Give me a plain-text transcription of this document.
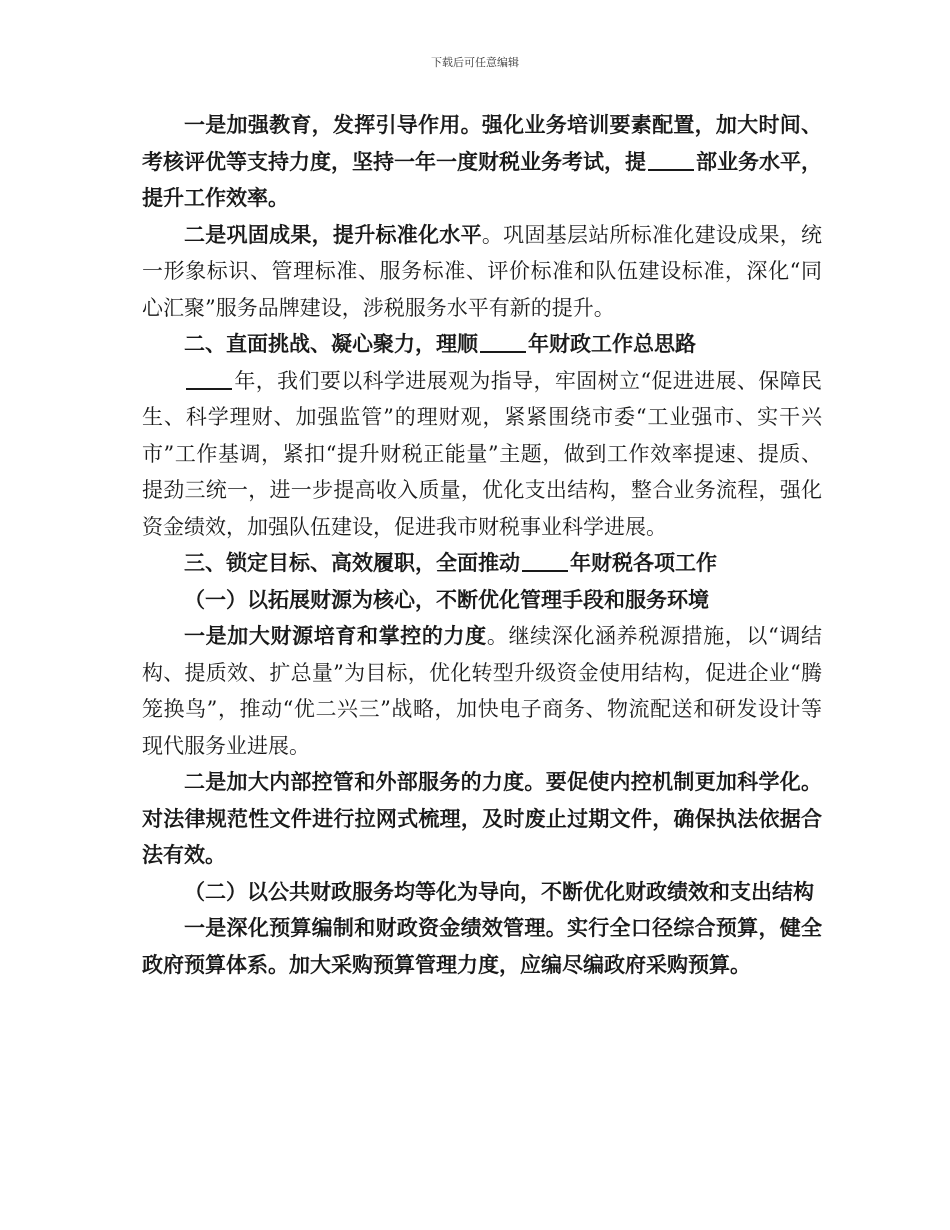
下载后可任意编辑

一是加强教育，发挥引导作用。强化业务培训要素配置，加大时间、考核评优等支持力度，坚持一年一度财税业务考试，提 部业务水平，提升工作效率。

二是巩固成果，提升标准化水平。巩固基层站所标准化建设成果，统一形象标识、管理标准、服务标准、评价标准和队伍建设标准，深化“同心汇聚”服务品牌建设，涉税服务水平有新的提升。

二、直面挑战、凝心聚力，理顺 年财政工作总思路

年，我们要以科学进展观为指导，牢固树立“促进进展、保障民生、科学理财、加强监管”的理财观，紧紧围绕市委“工业强市、实干兴市”工作基调，紧扣“提升财税正能量”主题，做到工作效率提速、提质、提劲三统一，进一步提高收入质量，优化支出结构，整合业务流程，强化资金绩效，加强队伍建设，促进我市财税事业科学进展。

三、锁定目标、高效履职，全面推动 年财税各项工作

（一）以拓展财源为核心，不断优化管理手段和服务环境

一是加大财源培育和掌控的力度。继续深化涵养税源措施，以“调结构、提质效、扩总量”为目标，优化转型升级资金使用结构，促进企业“腾笼换鸟”，推动“优二兴三”战略，加快电子商务、物流配送和研发设计等现代服务业进展。

二是加大内部控管和外部服务的力度。要促使内控机制更加科学化。对法律规范性文件进行拉网式梳理，及时废止过期文件，确保执法依据合法有效。

（二）以公共财政服务均等化为导向，不断优化财政绩效和支出结构

一是深化预算编制和财政资金绩效管理。实行全口径综合预算，健全政府预算体系。加大采购预算管理力度，应编尽编政府采购预算。
